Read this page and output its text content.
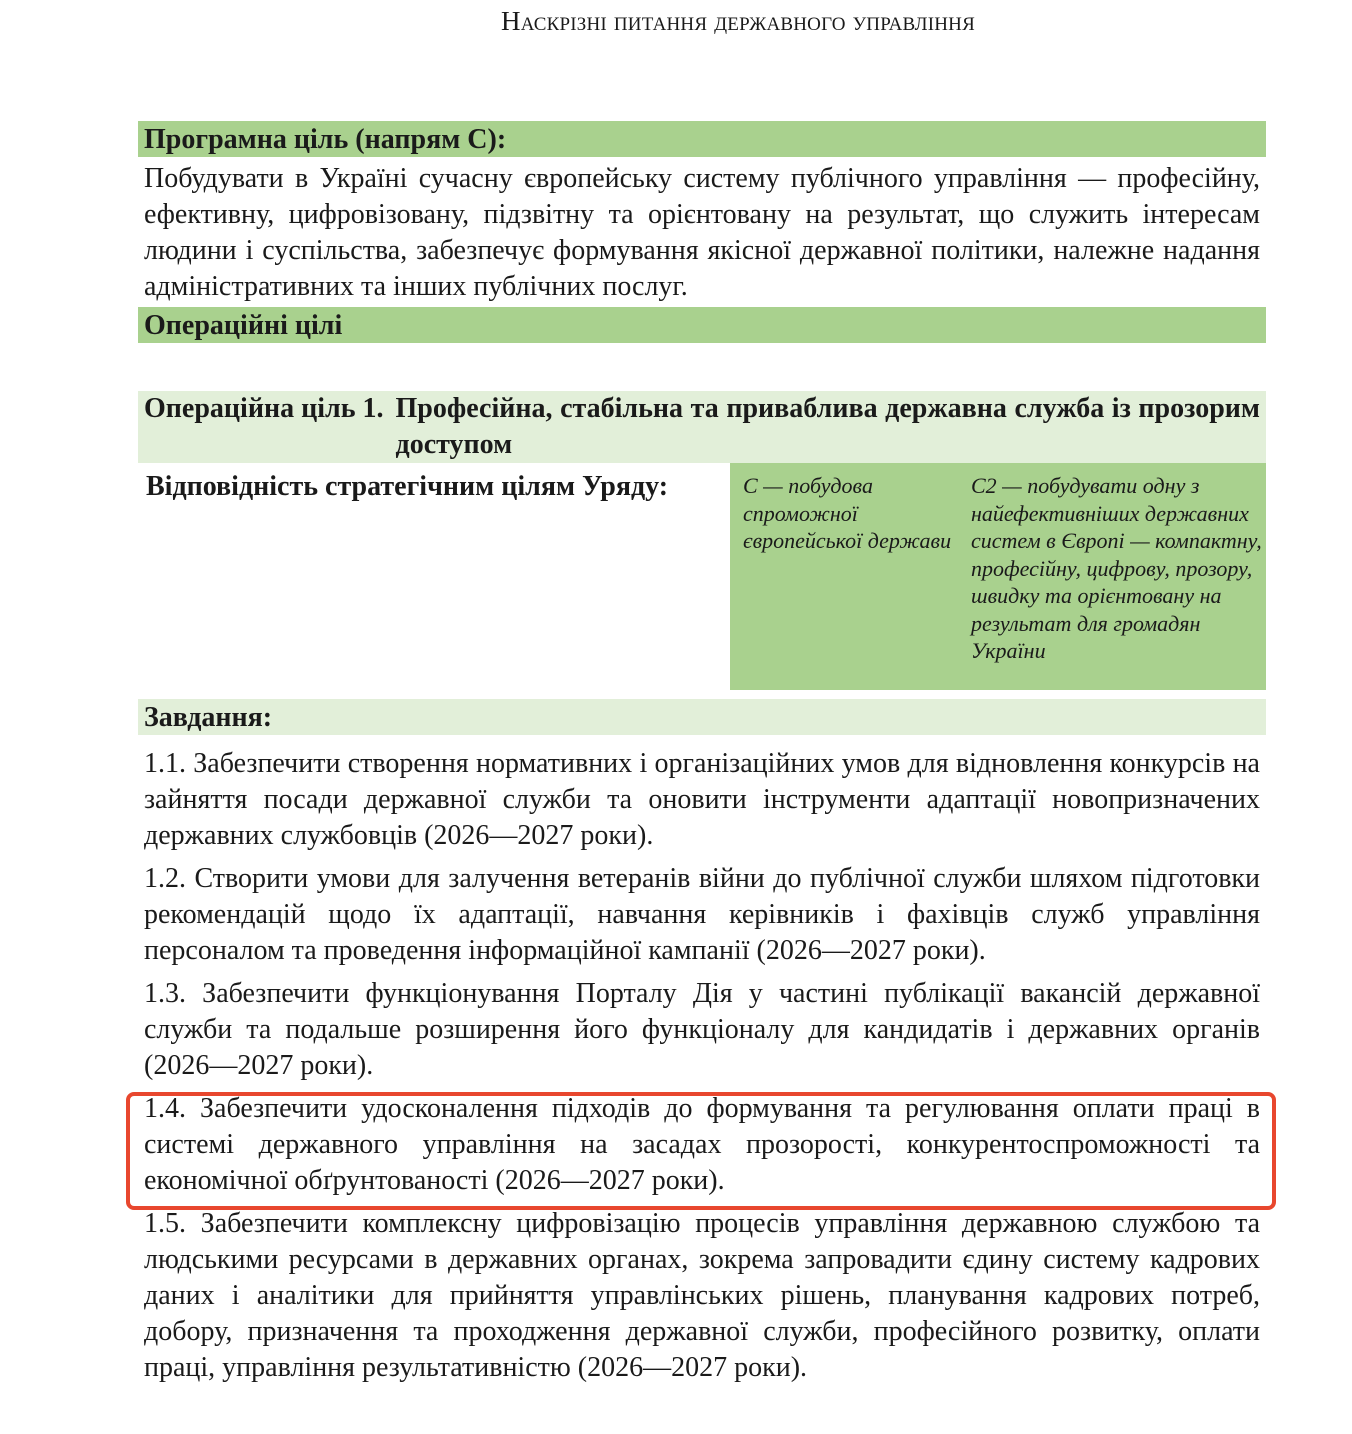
Наскрізні питання державного управління
Програмна ціль (напрям С):
Побудувати в Україні сучасну європейську систему публічного управління — професійну, ефективну, цифровізовану, підзвітну та орієнтовану на результат, що служить інтересам людини і суспільства, забезпечує формування якісної державної політики, належне надання адміністративних та інших публічних послуг.
Операційні цілі
Операційна ціль 1. Професійна, стабільна та приваблива державна служба із прозорим доступом
Відповідність стратегічним цілям Уряду:	С — побудова спроможної європейської держави
С2 — побудувати одну з найефективніших державних систем в Європі — компактну, професійну, цифрову, прозору, швидку та орієнтовану на результат для громадян України
Завдання:
1.1. Забезпечити створення нормативних і організаційних умов для відновлення конкурсів на зайняття посади державної служби та оновити інструменти адаптації новопризначених державних службовців (2026—2027 роки).
1.2. Створити умови для залучення ветеранів війни до публічної служби шляхом підготовки рекомендацій щодо їх адаптації, навчання керівників і фахівців служб управління персоналом та проведення інформаційної кампанії (2026—2027 роки).
1.3. Забезпечити функціонування Порталу Дія у частині публікації вакансій державної служби та подальше розширення його функціоналу для кандидатів і державних органів (2026—2027 роки).
1.4. Забезпечити удосконалення підходів до формування та регулювання оплати праці в системі державного управління на засадах прозорості, конкурентоспроможності та економічної обґрунтованості (2026—2027 роки).
1.5. Забезпечити комплексну цифровізацію процесів управління державною службою та людськими ресурсами в державних органах, зокрема запровадити єдину систему кадрових даних і аналітики для прийняття управлінських рішень, планування кадрових потреб, добору, призначення та проходження державної служби, професійного розвитку, оплати праці, управління результативністю (2026—2027 роки).
